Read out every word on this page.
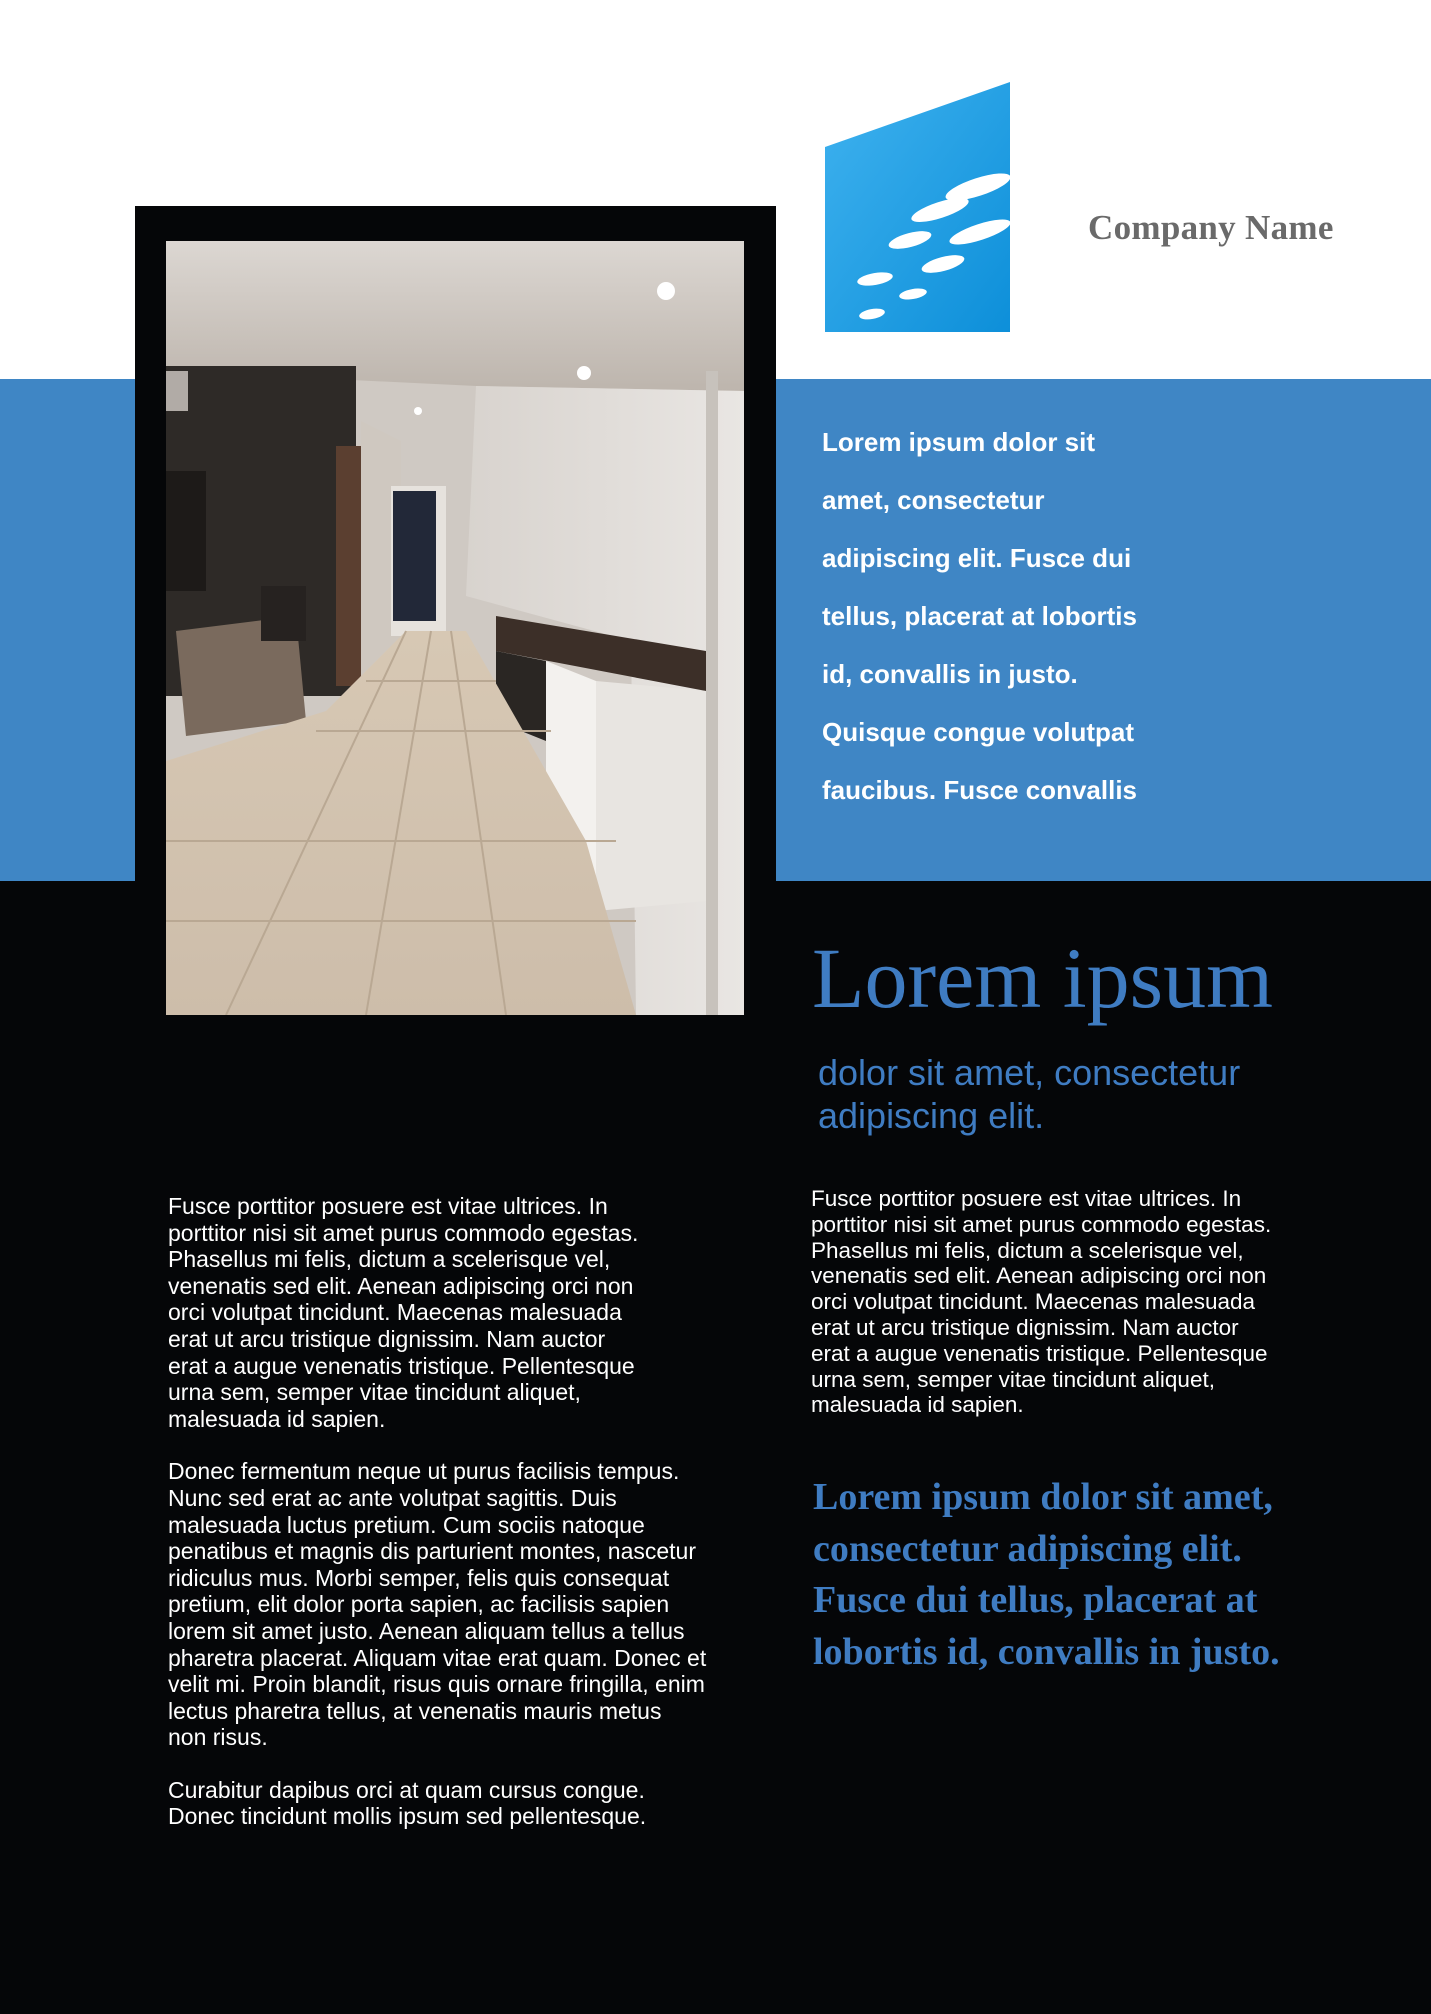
Company Name
Lorem ipsum dolor sit
amet, consectetur
adipiscing elit. Fusce dui
tellus, placerat at lobortis
id, convallis in justo.
Quisque congue volutpat
faucibus. Fusce convallis
Lorem ipsum
dolor sit amet, consectetur adipiscing elit.

Fusce porttitor posuere est vitae ultrices. In
porttitor nisi sit amet purus commodo egestas.
Phasellus mi felis, dictum a scelerisque vel,
venenatis sed elit. Aenean adipiscing orci non
orci volutpat tincidunt. Maecenas malesuada
erat ut arcu tristique dignissim. Nam auctor
erat a augue venenatis tristique. Pellentesque
urna sem, semper vitae tincidunt aliquet,
malesuada id sapien.

Donec fermentum neque ut purus facilisis tempus.
Nunc sed erat ac ante volutpat sagittis. Duis
malesuada luctus pretium. Cum sociis natoque
penatibus et magnis dis parturient montes, nascetur
ridiculus mus. Morbi semper, felis quis consequat
pretium, elit dolor porta sapien, ac facilisis sapien
lorem sit amet justo. Aenean aliquam tellus a tellus
pharetra placerat. Aliquam vitae erat quam. Donec et
velit mi. Proin blandit, risus quis ornare fringilla, enim
lectus pharetra tellus, at venenatis mauris metus
non risus.

Curabitur dapibus orci at quam cursus congue.
Donec tincidunt mollis ipsum sed pellentesque.

Fusce porttitor posuere est vitae ultrices. In
porttitor nisi sit amet purus commodo egestas.
Phasellus mi felis, dictum a scelerisque vel,
venenatis sed elit. Aenean adipiscing orci non
orci volutpat tincidunt. Maecenas malesuada
erat ut arcu tristique dignissim. Nam auctor
erat a augue venenatis tristique. Pellentesque
urna sem, semper vitae tincidunt aliquet,
malesuada id sapien.

Lorem ipsum dolor sit amet,
consectetur adipiscing elit.
Fusce dui tellus, placerat at
lobortis id, convallis in justo.
